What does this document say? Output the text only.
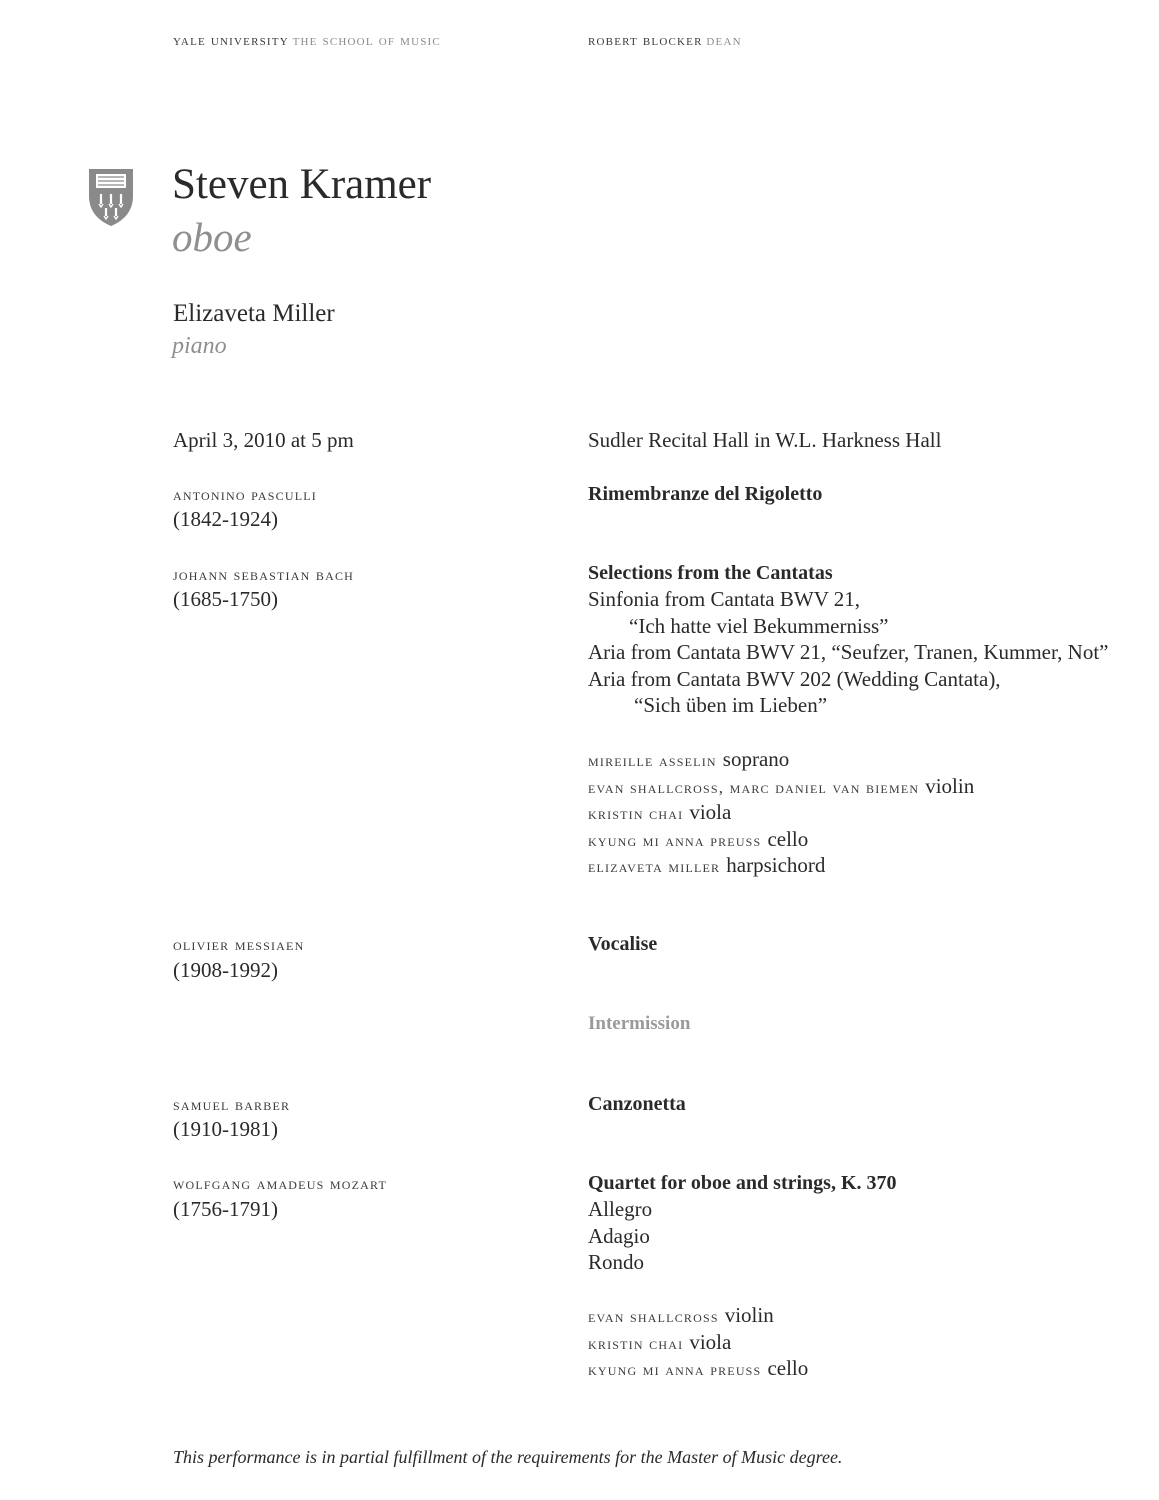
yale university the school of music	robert blocker dean
Steven Kramer
oboe
Elizaveta Miller
piano
April 3, 2010 at 5 pm	Sudler Recital Hall in W.L. Harkness Hall
antonino pasculli
(1842-1924)
Rimembranze del Rigoletto
johann sebastian bach
(1685-1750)
Selections from the Cantatas
Sinfonia from Cantata BWV 21,
“Ich hatte viel Bekummerniss”
Aria from Cantata BWV 21, “Seufzer, Tranen, Kummer, Not”
Aria from Cantata BWV 202 (Wedding Cantata),
“Sich üben im Lieben”
mireille asselin soprano
evan shallcross, marc daniel van biemen violin
kristin chai viola
kyung mi anna preuss cello
elizaveta miller harpsichord
olivier messiaen
(1908-1992)
Vocalise
Intermission
samuel barber
(1910-1981)
Canzonetta
wolfgang amadeus mozart
(1756-1791)
Quartet for oboe and strings, K. 370
Allegro
Adagio
Rondo
evan shallcross violin
kristin chai viola
kyung mi anna preuss cello
This performance is in partial fulfillment of the requirements for the Master of Music degree.
